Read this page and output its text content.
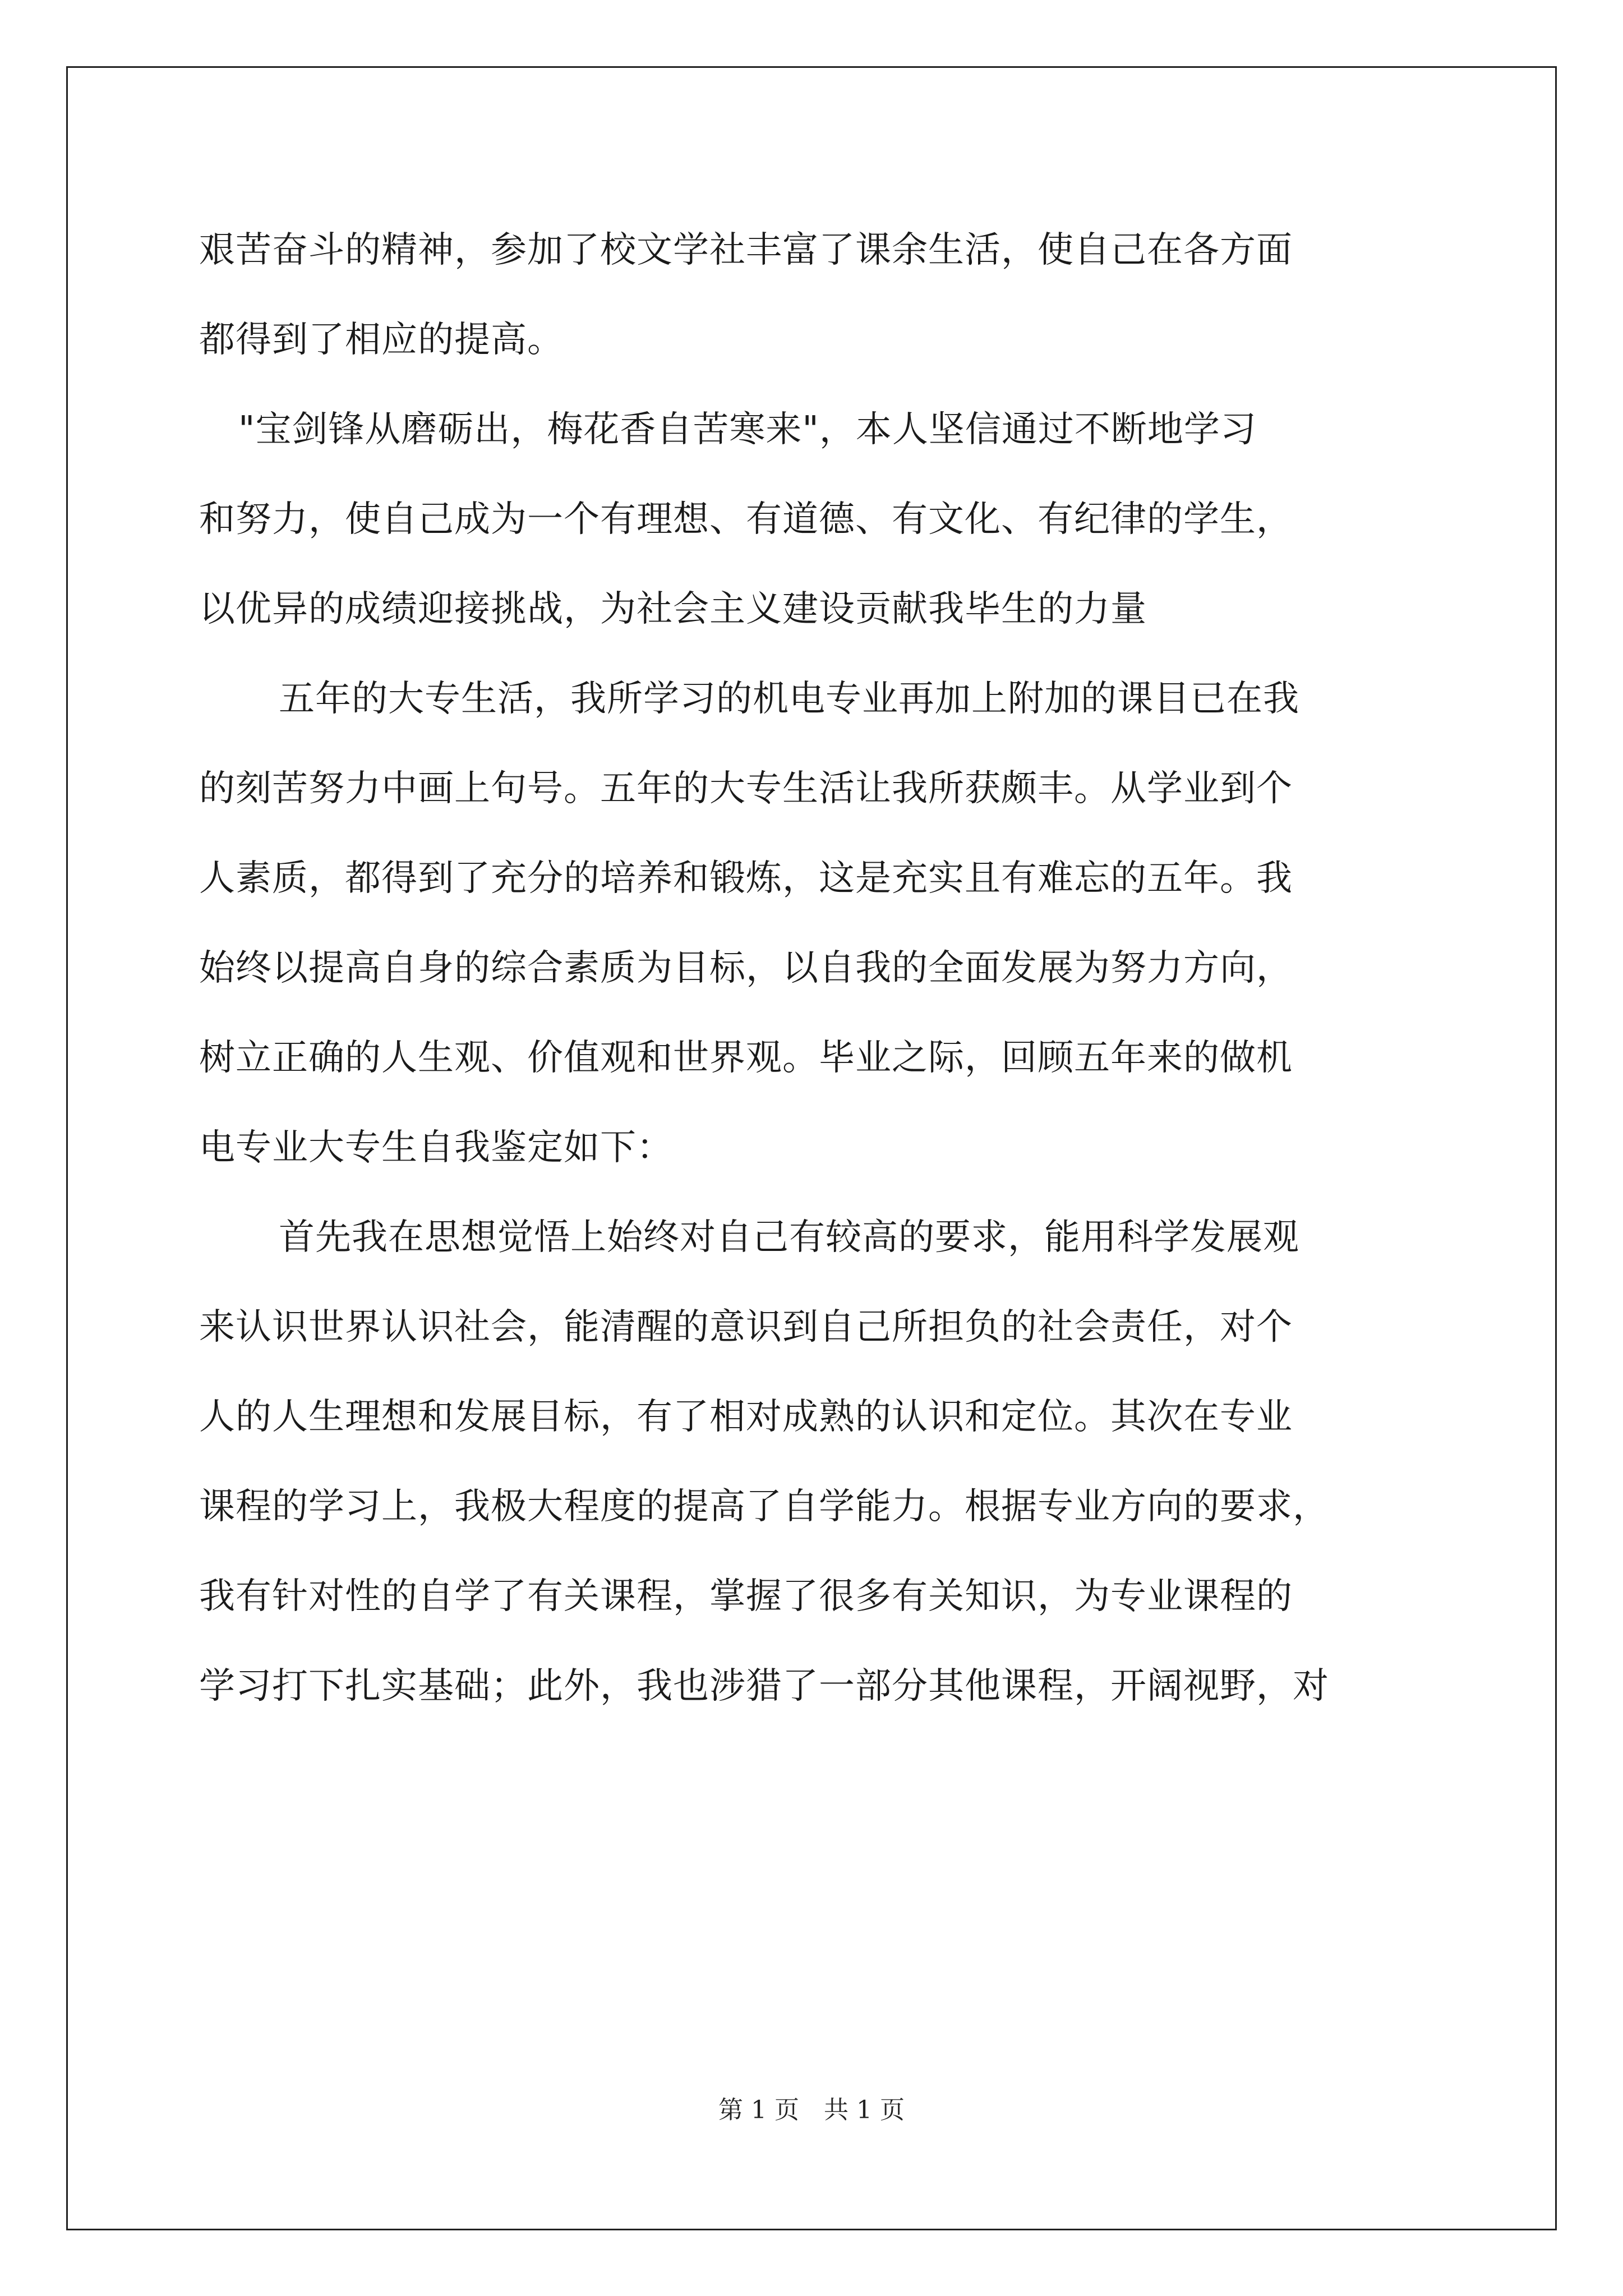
艰苦奋斗的精神，参加了校文学社丰富了课余生活，使自己在各方面
都得到了相应的提高。
"宝剑锋从磨砺出，梅花香自苦寒来"，本人坚信通过不断地学习
和努力，使自己成为一个有理想、有道德、有文化、有纪律的学生，
以优异的成绩迎接挑战，为社会主义建设贡献我毕生的力量
五年的大专生活，我所学习的机电专业再加上附加的课目已在我
的刻苦努力中画上句号。五年的大专生活让我所获颇丰。从学业到个
人素质，都得到了充分的培养和锻炼，这是充实且有难忘的五年。我
始终以提高自身的综合素质为目标，以自我的全面发展为努力方向，
树立正确的人生观、价值观和世界观。毕业之际，回顾五年来的做机
电专业大专生自我鉴定如下：
首先我在思想觉悟上始终对自己有较高的要求，能用科学发展观
来认识世界认识社会，能清醒的意识到自己所担负的社会责任，对个
人的人生理想和发展目标，有了相对成熟的认识和定位。其次在专业
课程的学习上，我极大程度的提高了自学能力。根据专业方向的要求，
我有针对性的自学了有关课程，掌握了很多有关知识，为专业课程的
学习打下扎实基础；此外，我也涉猎了一部分其他课程，开阔视野，对
第 1 页　共 1 页
